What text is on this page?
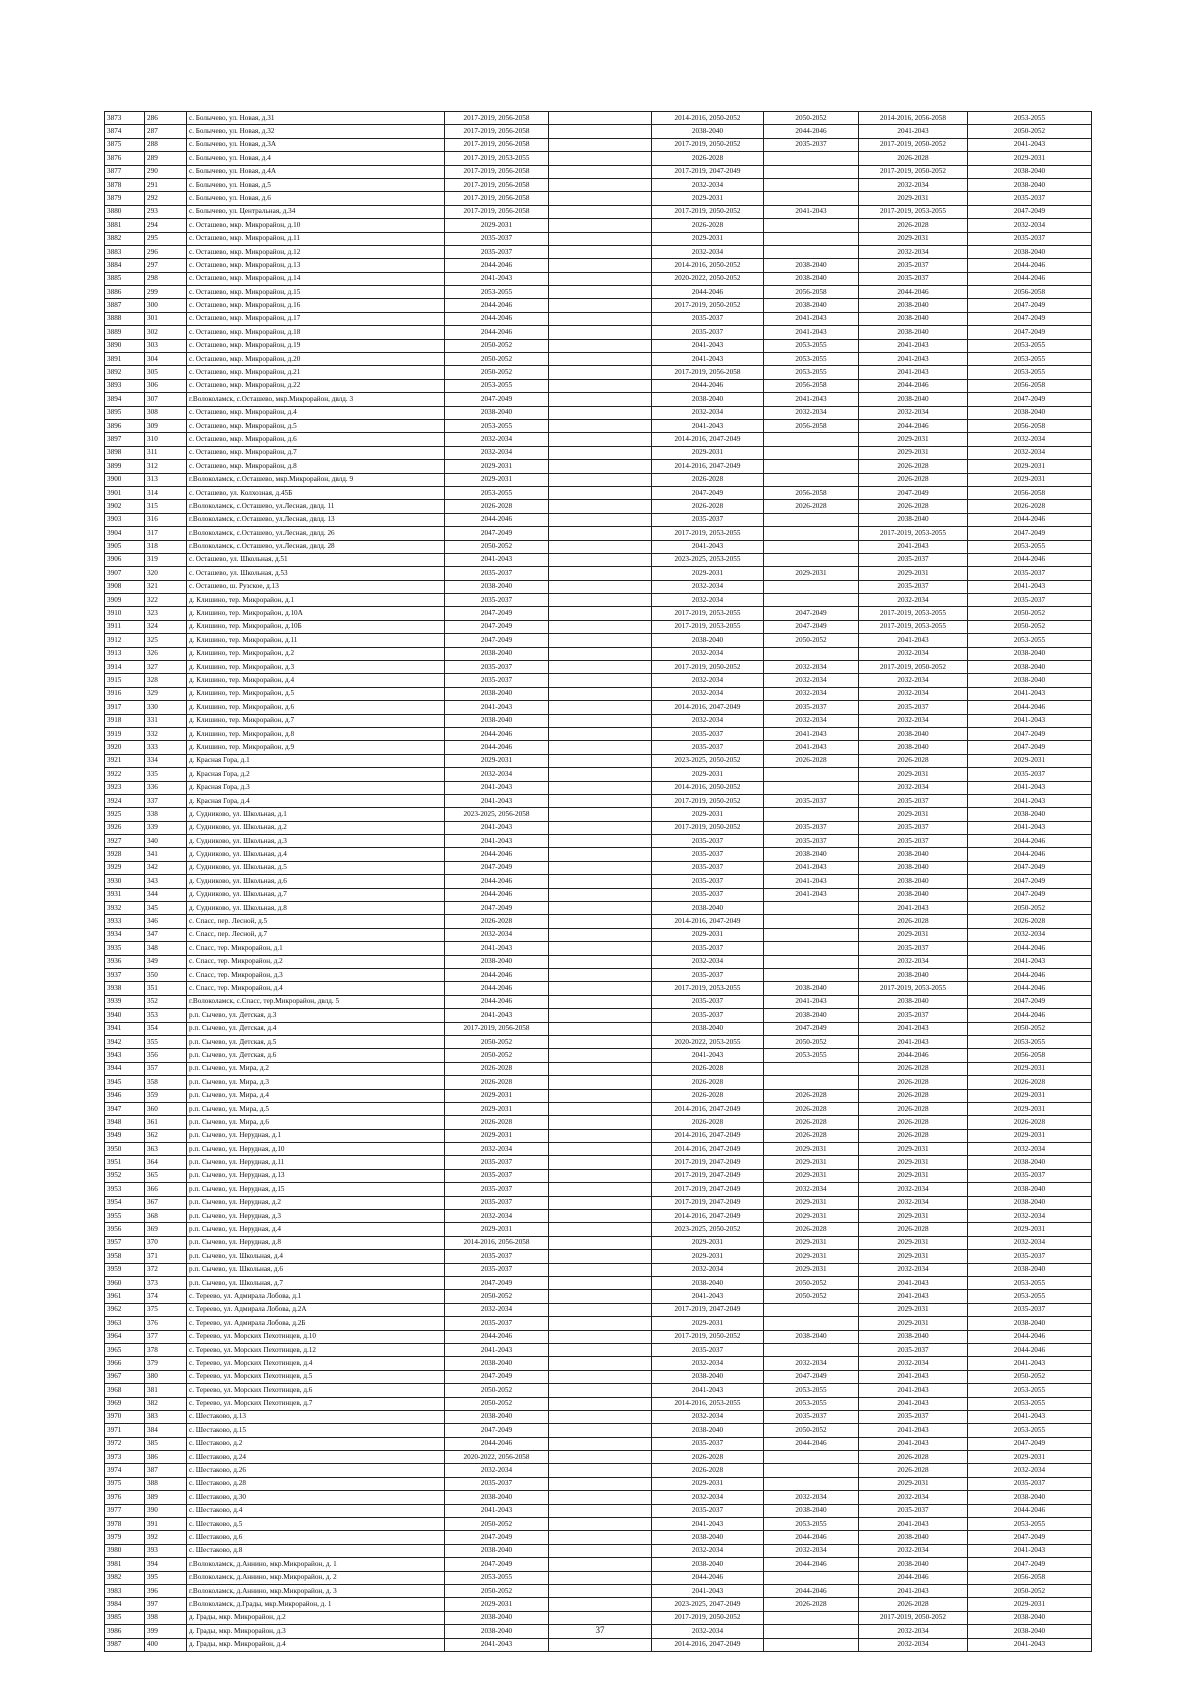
3873	286	с. Болычево, ул. Новая, д.31	2017-2019, 2056-2058		2014-2016, 2050-2052	2050-2052	2014-2016, 2056-2058	2053-2055
3874	287	с. Болычево, ул. Новая, д.32	2017-2019, 2056-2058		2038-2040	2044-2046	2041-2043	2050-2052
3875	288	с. Болычево, ул. Новая, д.3А	2017-2019, 2056-2058		2017-2019, 2050-2052	2035-2037	2017-2019, 2050-2052	2041-2043
3876	289	с. Болычево, ул. Новая, д.4	2017-2019, 2053-2055		2026-2028		2026-2028	2029-2031
3877	290	с. Болычево, ул. Новая, д.4А	2017-2019, 2056-2058		2017-2019, 2047-2049		2017-2019, 2050-2052	2038-2040
3878	291	с. Болычево, ул. Новая, д.5	2017-2019, 2056-2058		2032-2034		2032-2034	2038-2040
3879	292	с. Болычево, ул. Новая, д.6	2017-2019, 2056-2058		2029-2031		2029-2031	2035-2037
3880	293	с. Болычево, ул. Центральная, д.34	2017-2019, 2056-2058		2017-2019, 2050-2052	2041-2043	2017-2019, 2053-2055	2047-2049
3881	294	с. Осташево, мкр. Микрорайон, д.10	2029-2031		2026-2028		2026-2028	2032-2034
3882	295	с. Осташево, мкр. Микрорайон, д.11	2035-2037		2029-2031		2029-2031	2035-2037
3883	296	с. Осташево, мкр. Микрорайон, д.12	2035-2037		2032-2034		2032-2034	2038-2040
3884	297	с. Осташево, мкр. Микрорайон, д.13	2044-2046		2014-2016, 2050-2052	2038-2040	2035-2037	2044-2046
3885	298	с. Осташево, мкр. Микрорайон, д.14	2041-2043		2020-2022, 2050-2052	2038-2040	2035-2037	2044-2046
3886	299	с. Осташево, мкр. Микрорайон, д.15	2053-2055		2044-2046	2056-2058	2044-2046	2056-2058
3887	300	с. Осташево, мкр. Микрорайон, д.16	2044-2046		2017-2019, 2050-2052	2038-2040	2038-2040	2047-2049
3888	301	с. Осташево, мкр. Микрорайон, д.17	2044-2046		2035-2037	2041-2043	2038-2040	2047-2049
3889	302	с. Осташево, мкр. Микрорайон, д.18	2044-2046		2035-2037	2041-2043	2038-2040	2047-2049
3890	303	с. Осташево, мкр. Микрорайон, д.19	2050-2052		2041-2043	2053-2055	2041-2043	2053-2055
3891	304	с. Осташево, мкр. Микрорайон, д.20	2050-2052		2041-2043	2053-2055	2041-2043	2053-2055
3892	305	с. Осташево, мкр. Микрорайон, д.21	2050-2052		2017-2019, 2056-2058	2053-2055	2041-2043	2053-2055
3893	306	с. Осташево, мкр. Микрорайон, д.22	2053-2055		2044-2046	2056-2058	2044-2046	2056-2058
3894	307	г.Волоколамск, с.Осташево, мкр.Микрорайон, двлд. 3	2047-2049		2038-2040	2041-2043	2038-2040	2047-2049
3895	308	с. Осташево, мкр. Микрорайон, д.4	2038-2040		2032-2034	2032-2034	2032-2034	2038-2040
3896	309	с. Осташево, мкр. Микрорайон, д.5	2053-2055		2041-2043	2056-2058	2044-2046	2056-2058
3897	310	с. Осташево, мкр. Микрорайон, д.6	2032-2034		2014-2016, 2047-2049		2029-2031	2032-2034
3898	311	с. Осташево, мкр. Микрорайон, д.7	2032-2034		2029-2031		2029-2031	2032-2034
3899	312	с. Осташево, мкр. Микрорайон, д.8	2029-2031		2014-2016, 2047-2049		2026-2028	2029-2031
3900	313	г.Волоколамск, с.Осташево, мкр.Микрорайон, двлд. 9	2029-2031		2026-2028		2026-2028	2029-2031
3901	314	с. Осташево, ул. Колхозная, д.45Б	2053-2055		2047-2049	2056-2058	2047-2049	2056-2058
3902	315	г.Волоколамск, с.Осташево, ул.Лесная, двлд. 11	2026-2028		2026-2028	2026-2028	2026-2028	2026-2028
3903	316	г.Волоколамск, с.Осташево, ул.Лесная, двлд. 13	2044-2046		2035-2037		2038-2040	2044-2046
3904	317	г.Волоколамск, с.Осташево, ул.Лесная, двлд. 26	2047-2049		2017-2019, 2053-2055		2017-2019, 2053-2055	2047-2049
3905	318	г.Волоколамск, с.Осташево, ул.Лесная, двлд. 28	2050-2052		2041-2043		2041-2043	2053-2055
3906	319	с. Осташево, ул. Школьная, д.51	2041-2043		2023-2025, 2053-2055		2035-2037	2044-2046
3907	320	с. Осташево, ул. Школьная, д.53	2035-2037		2029-2031	2029-2031	2029-2031	2035-2037
3908	321	с. Осташево, ш. Рузское, д.13	2038-2040		2032-2034		2035-2037	2041-2043
3909	322	д. Клишино, тер. Микрорайон, д.1	2035-2037		2032-2034		2032-2034	2035-2037
3910	323	д. Клишино, тер. Микрорайон, д.10А	2047-2049		2017-2019, 2053-2055	2047-2049	2017-2019, 2053-2055	2050-2052
3911	324	д. Клишино, тер. Микрорайон, д.10Б	2047-2049		2017-2019, 2053-2055	2047-2049	2017-2019, 2053-2055	2050-2052
3912	325	д. Клишино, тер. Микрорайон, д.11	2047-2049		2038-2040	2050-2052	2041-2043	2053-2055
3913	326	д. Клишино, тер. Микрорайон, д.2	2038-2040		2032-2034		2032-2034	2038-2040
3914	327	д. Клишино, тер. Микрорайон, д.3	2035-2037		2017-2019, 2050-2052	2032-2034	2017-2019, 2050-2052	2038-2040
3915	328	д. Клишино, тер. Микрорайон, д.4	2035-2037		2032-2034	2032-2034	2032-2034	2038-2040
3916	329	д. Клишино, тер. Микрорайон, д.5	2038-2040		2032-2034	2032-2034	2032-2034	2041-2043
3917	330	д. Клишино, тер. Микрорайон, д.6	2041-2043		2014-2016, 2047-2049	2035-2037	2035-2037	2044-2046
3918	331	д. Клишино, тер. Микрорайон, д.7	2038-2040		2032-2034	2032-2034	2032-2034	2041-2043
3919	332	д. Клишино, тер. Микрорайон, д.8	2044-2046		2035-2037	2041-2043	2038-2040	2047-2049
3920	333	д. Клишино, тер. Микрорайон, д.9	2044-2046		2035-2037	2041-2043	2038-2040	2047-2049
3921	334	д. Красная Гора, д.1	2029-2031		2023-2025, 2050-2052	2026-2028	2026-2028	2029-2031
3922	335	д. Красная Гора, д.2	2032-2034		2029-2031		2029-2031	2035-2037
3923	336	д. Красная Гора, д.3	2041-2043		2014-2016, 2050-2052		2032-2034	2041-2043
3924	337	д. Красная Гора, д.4	2041-2043		2017-2019, 2050-2052	2035-2037	2035-2037	2041-2043
3925	338	д. Судниково, ул. Школьная, д.1	2023-2025, 2056-2058		2029-2031		2029-2031	2038-2040
3926	339	д. Судниково, ул. Школьная, д.2	2041-2043		2017-2019, 2050-2052	2035-2037	2035-2037	2041-2043
3927	340	д. Судниково, ул. Школьная, д.3	2041-2043		2035-2037	2035-2037	2035-2037	2044-2046
3928	341	д. Судниково, ул. Школьная, д.4	2044-2046		2035-2037	2038-2040	2038-2040	2044-2046
3929	342	д. Судниково, ул. Школьная, д.5	2047-2049		2035-2037	2041-2043	2038-2040	2047-2049
3930	343	д. Судниково, ул. Школьная, д.6	2044-2046		2035-2037	2041-2043	2038-2040	2047-2049
3931	344	д. Судниково, ул. Школьная, д.7	2044-2046		2035-2037	2041-2043	2038-2040	2047-2049
3932	345	д. Судниково, ул. Школьная, д.8	2047-2049		2038-2040		2041-2043	2050-2052
3933	346	с. Спасс, пер. Лесной, д.5	2026-2028		2014-2016, 2047-2049		2026-2028	2026-2028
3934	347	с. Спасс, пер. Лесной, д.7	2032-2034		2029-2031		2029-2031	2032-2034
3935	348	с. Спасс, тер. Микрорайон, д.1	2041-2043		2035-2037		2035-2037	2044-2046
3936	349	с. Спасс, тер. Микрорайон, д.2	2038-2040		2032-2034		2032-2034	2041-2043
3937	350	с. Спасс, тер. Микрорайон, д.3	2044-2046		2035-2037		2038-2040	2044-2046
3938	351	с. Спасс, тер. Микрорайон, д.4	2044-2046		2017-2019, 2053-2055	2038-2040	2017-2019, 2053-2055	2044-2046
3939	352	г.Волоколамск, с.Спасс, тер.Микрорайон, двлд. 5	2044-2046		2035-2037	2041-2043	2038-2040	2047-2049
3940	353	р.п. Сычево, ул. Детская, д.3	2041-2043		2035-2037	2038-2040	2035-2037	2044-2046
3941	354	р.п. Сычево, ул. Детская, д.4	2017-2019, 2056-2058		2038-2040	2047-2049	2041-2043	2050-2052
3942	355	р.п. Сычево, ул. Детская, д.5	2050-2052		2020-2022, 2053-2055	2050-2052	2041-2043	2053-2055
3943	356	р.п. Сычево, ул. Детская, д.6	2050-2052		2041-2043	2053-2055	2044-2046	2056-2058
3944	357	р.п. Сычево, ул. Мира, д.2	2026-2028		2026-2028		2026-2028	2029-2031
3945	358	р.п. Сычево, ул. Мира, д.3	2026-2028		2026-2028		2026-2028	2026-2028
3946	359	р.п. Сычево, ул. Мира, д.4	2029-2031		2026-2028	2026-2028	2026-2028	2029-2031
3947	360	р.п. Сычево, ул. Мира, д.5	2029-2031		2014-2016, 2047-2049	2026-2028	2026-2028	2029-2031
3948	361	р.п. Сычево, ул. Мира, д.6	2026-2028		2026-2028	2026-2028	2026-2028	2026-2028
3949	362	р.п. Сычево, ул. Нерудная, д.1	2029-2031		2014-2016, 2047-2049	2026-2028	2026-2028	2029-2031
3950	363	р.п. Сычево, ул. Нерудная, д.10	2032-2034		2014-2016, 2047-2049	2029-2031	2029-2031	2032-2034
3951	364	р.п. Сычево, ул. Нерудная, д.11	2035-2037		2017-2019, 2047-2049	2029-2031	2029-2031	2038-2040
3952	365	р.п. Сычево, ул. Нерудная, д.13	2035-2037		2017-2019, 2047-2049	2029-2031	2029-2031	2035-2037
3953	366	р.п. Сычево, ул. Нерудная, д.15	2035-2037		2017-2019, 2047-2049	2032-2034	2032-2034	2038-2040
3954	367	р.п. Сычево, ул. Нерудная, д.2	2035-2037		2017-2019, 2047-2049	2029-2031	2032-2034	2038-2040
3955	368	р.п. Сычево, ул. Нерудная, д.3	2032-2034		2014-2016, 2047-2049	2029-2031	2029-2031	2032-2034
3956	369	р.п. Сычево, ул. Нерудная, д.4	2029-2031		2023-2025, 2050-2052	2026-2028	2026-2028	2029-2031
3957	370	р.п. Сычево, ул. Нерудная, д.8	2014-2016, 2056-2058		2029-2031	2029-2031	2029-2031	2032-2034
3958	371	р.п. Сычево, ул. Школьная, д.4	2035-2037		2029-2031	2029-2031	2029-2031	2035-2037
3959	372	р.п. Сычево, ул. Школьная, д.6	2035-2037		2032-2034	2029-2031	2032-2034	2038-2040
3960	373	р.п. Сычево, ул. Школьная, д.7	2047-2049		2038-2040	2050-2052	2041-2043	2053-2055
3961	374	с. Тереево, ул. Адмирала Лобова, д.1	2050-2052		2041-2043	2050-2052	2041-2043	2053-2055
3962	375	с. Тереево, ул. Адмирала Лобова, д.2А	2032-2034		2017-2019, 2047-2049		2029-2031	2035-2037
3963	376	с. Тереево, ул. Адмирала Лобова, д.2Б	2035-2037		2029-2031		2029-2031	2038-2040
3964	377	с. Тереево, ул. Морских Пехотинцев, д.10	2044-2046		2017-2019, 2050-2052	2038-2040	2038-2040	2044-2046
3965	378	с. Тереево, ул. Морских Пехотинцев, д.12	2041-2043		2035-2037		2035-2037	2044-2046
3966	379	с. Тереево, ул. Морских Пехотинцев, д.4	2038-2040		2032-2034	2032-2034	2032-2034	2041-2043
3967	380	с. Тереево, ул. Морских Пехотинцев, д.5	2047-2049		2038-2040	2047-2049	2041-2043	2050-2052
3968	381	с. Тереево, ул. Морских Пехотинцев, д.6	2050-2052		2041-2043	2053-2055	2041-2043	2053-2055
3969	382	с. Тереево, ул. Морских Пехотинцев, д.7	2050-2052		2014-2016, 2053-2055	2053-2055	2041-2043	2053-2055
3970	383	с. Шестаково, д.13	2038-2040		2032-2034	2035-2037	2035-2037	2041-2043
3971	384	с. Шестаково, д.15	2047-2049		2038-2040	2050-2052	2041-2043	2053-2055
3972	385	с. Шестаково, д.2	2044-2046		2035-2037	2044-2046	2041-2043	2047-2049
3973	386	с. Шестаково, д.24	2020-2022, 2056-2058		2026-2028		2026-2028	2029-2031
3974	387	с. Шестаково, д.26	2032-2034		2026-2028		2026-2028	2032-2034
3975	388	с. Шестаково, д.28	2035-2037		2029-2031		2029-2031	2035-2037
3976	389	с. Шестаково, д.30	2038-2040		2032-2034	2032-2034	2032-2034	2038-2040
3977	390	с. Шестаково, д.4	2041-2043		2035-2037	2038-2040	2035-2037	2044-2046
3978	391	с. Шестаково, д.5	2050-2052		2041-2043	2053-2055	2041-2043	2053-2055
3979	392	с. Шестаково, д.6	2047-2049		2038-2040	2044-2046	2038-2040	2047-2049
3980	393	с. Шестаково, д.8	2038-2040		2032-2034	2032-2034	2032-2034	2041-2043
3981	394	г.Волоколамск, д.Аннино, мкр.Микрорайон, д. 1	2047-2049		2038-2040	2044-2046	2038-2040	2047-2049
3982	395	г.Волоколамск, д.Аннино, мкр.Микрорайон, д. 2	2053-2055		2044-2046		2044-2046	2056-2058
3983	396	г.Волоколамск, д.Аннино, мкр.Микрорайон, д. 3	2050-2052		2041-2043	2044-2046	2041-2043	2050-2052
3984	397	г.Волоколамск, д.Грады, мкр.Микрорайон, д. 1	2029-2031		2023-2025, 2047-2049	2026-2028	2026-2028	2029-2031
3985	398	д. Грады, мкр. Микрорайон, д.2	2038-2040		2017-2019, 2050-2052		2017-2019, 2050-2052	2038-2040
3986	399	д. Грады, мкр. Микрорайон, д.3	2038-2040		2032-2034		2032-2034	2038-2040
3987	400	д. Грады, мкр. Микрорайон, д.4	2041-2043		2014-2016, 2047-2049		2032-2034	2041-2043
37
